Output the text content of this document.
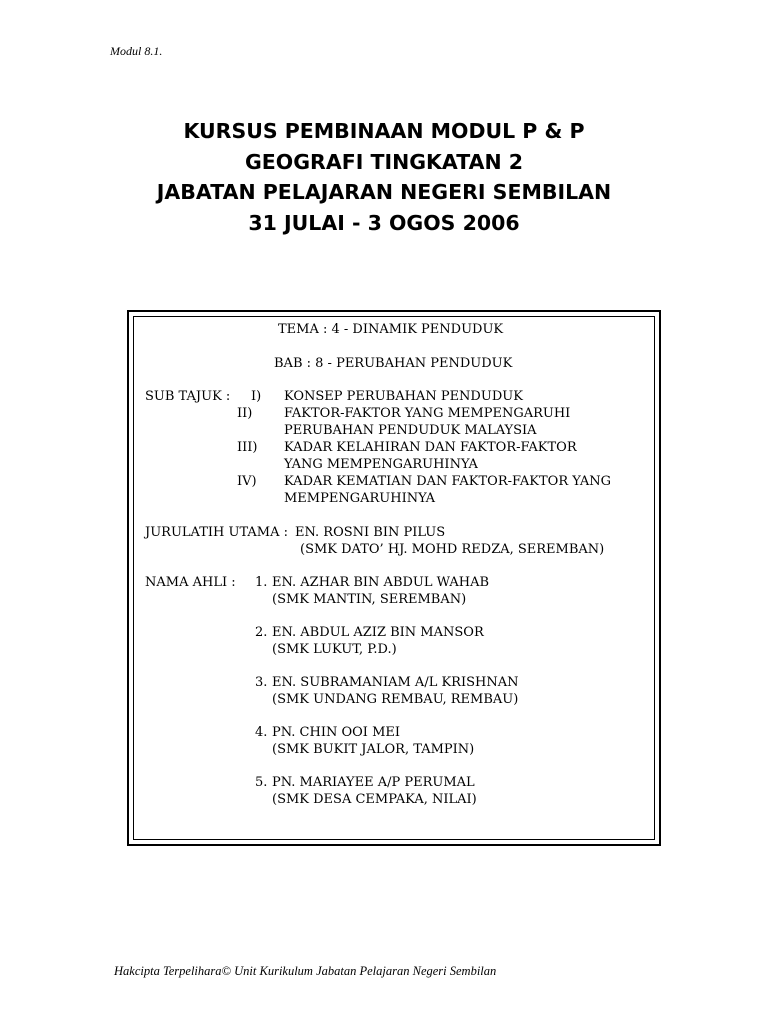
Modul 8.1.
KURSUS PEMBINAAN MODUL P & P
GEOGRAFI TINGKATAN 2
JABATAN PELAJARAN NEGERI SEMBILAN
31 JULAI - 3 OGOS 2006
TEMA : 4 - DINAMIK PENDUDUK
BAB : 8 - PERUBAHAN PENDUDUK
SUB TAJUK : I) KONSEP PERUBAHAN PENDUDUK
II) FAKTOR-FAKTOR YANG MEMPENGARUHI
PERUBAHAN PENDUDUK MALAYSIA
III) KADAR KELAHIRAN DAN FAKTOR-FAKTOR
YANG MEMPENGARUHINYA
IV) KADAR KEMATIAN DAN FAKTOR-FAKTOR YANG
MEMPENGARUHINYA
JURULATIH UTAMA : EN. ROSNI BIN PILUS
(SMK DATO’ HJ. MOHD REDZA, SEREMBAN)
NAMA AHLI : 1. EN. AZHAR BIN ABDUL WAHAB
(SMK MANTIN, SEREMBAN)
2. EN. ABDUL AZIZ BIN MANSOR
(SMK LUKUT, P.D.)
3. EN. SUBRAMANIAM A/L KRISHNAN
(SMK UNDANG REMBAU, REMBAU)
4. PN. CHIN OOI MEI
(SMK BUKIT JALOR, TAMPIN)
5. PN. MARIAYEE A/P PERUMAL
(SMK DESA CEMPAKA, NILAI)
Hakcipta Terpelihara© Unit Kurikulum Jabatan Pelajaran Negeri Sembilan
